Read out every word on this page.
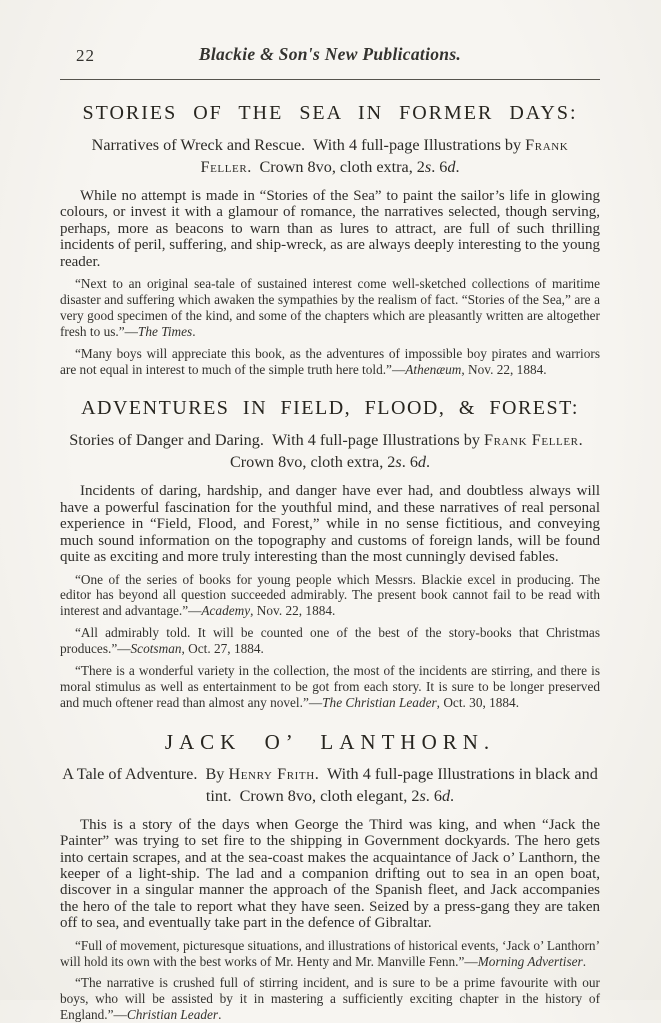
22	Blackie & Son's New Publications.
STORIES OF THE SEA IN FORMER DAYS:

Narratives of Wreck and Rescue. With 4 full-page Illustrations by Frank Feller. Crown 8vo, cloth extra, 2s. 6d.

While no attempt is made in “Stories of the Sea” to paint the sailor’s life in glowing colours, or invest it with a glamour of romance, the narratives selected, though serving, perhaps, more as beacons to warn than as lures to attract, are full of such thrilling incidents of peril, suffering, and ship-wreck, as are always deeply interesting to the young reader.

“Next to an original sea-tale of sustained interest come well-sketched collections of maritime disaster and suffering which awaken the sympathies by the realism of fact. “Stories of the Sea,” are a very good specimen of the kind, and some of the chapters which are pleasantly written are altogether fresh to us.”—The Times.

“Many boys will appreciate this book, as the adventures of impossible boy pirates and warriors are not equal in interest to much of the simple truth here told.”—Athenæum, Nov. 22, 1884.

ADVENTURES IN FIELD, FLOOD, & FOREST:

Stories of Danger and Daring. With 4 full-page Illustrations by Frank Feller. Crown 8vo, cloth extra, 2s. 6d.

Incidents of daring, hardship, and danger have ever had, and doubtless always will have a powerful fascination for the youthful mind, and these narratives of real personal experience in “Field, Flood, and Forest,” while in no sense fictitious, and conveying much sound information on the topography and customs of foreign lands, will be found quite as exciting and more truly interesting than the most cunningly devised fables.

“One of the series of books for young people which Messrs. Blackie excel in producing. The editor has beyond all question succeeded admirably. The present book cannot fail to be read with interest and advantage.”—Academy, Nov. 22, 1884.

“All admirably told. It will be counted one of the best of the story-books that Christmas produces.”—Scotsman, Oct. 27, 1884.

“There is a wonderful variety in the collection, the most of the incidents are stirring, and there is moral stimulus as well as entertainment to be got from each story. It is sure to be longer preserved and much oftener read than almost any novel.”—The Christian Leader, Oct. 30, 1884.

JACK O’ LANTHORN.

A Tale of Adventure. By Henry Frith. With 4 full-page Illustrations in black and tint. Crown 8vo, cloth elegant, 2s. 6d.

This is a story of the days when George the Third was king, and when “Jack the Painter” was trying to set fire to the shipping in Government dockyards. The hero gets into certain scrapes, and at the sea-coast makes the acquaintance of Jack o’ Lanthorn, the keeper of a light-ship. The lad and a companion drifting out to sea in an open boat, discover in a singular manner the approach of the Spanish fleet, and Jack accompanies the hero of the tale to report what they have seen. Seized by a press-gang they are taken off to sea, and eventually take part in the defence of Gibraltar.

“Full of movement, picturesque situations, and illustrations of historical events, ‘Jack o’ Lanthorn’ will hold its own with the best works of Mr. Henty and Mr. Manville Fenn.”—Morning Advertiser.

“The narrative is crushed full of stirring incident, and is sure to be a prime favourite with our boys, who will be assisted by it in mastering a sufficiently exciting chapter in the history of England.”—Christian Leader.
